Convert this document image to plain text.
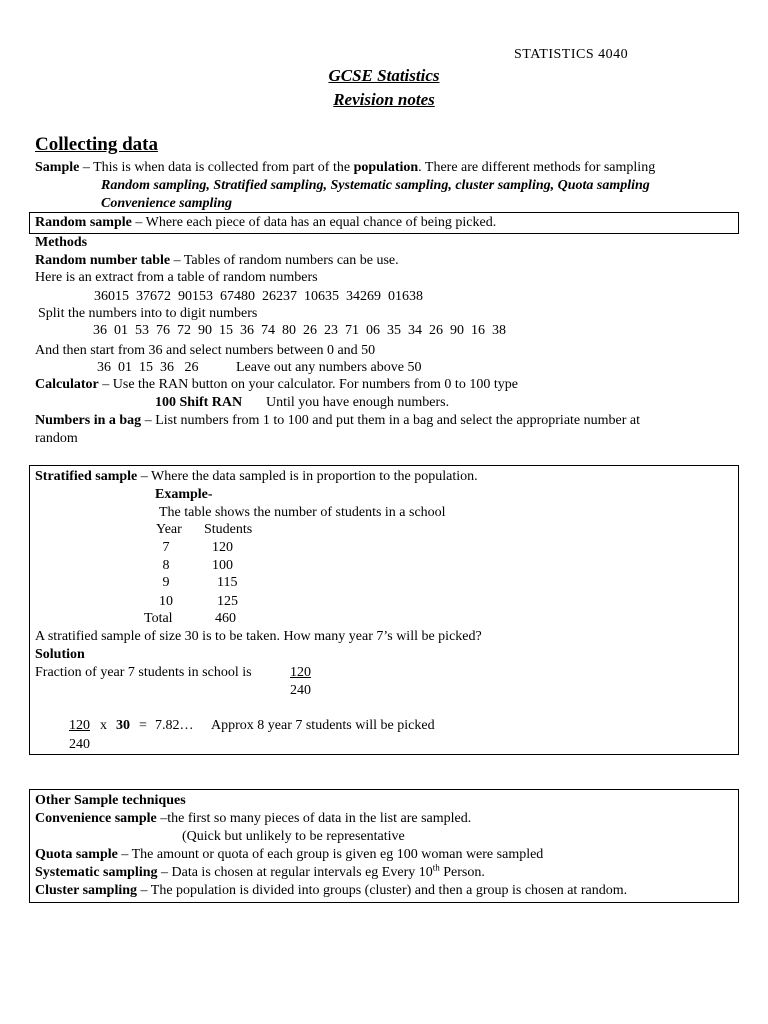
STATISTICS 4040
GCSE Statistics
Revision notes
Collecting data
Sample – This is when data is collected from part of the population. There are different methods for sampling
Random sampling, Stratified sampling, Systematic sampling, cluster sampling, Quota sampling
Convenience sampling
Random sample – Where each piece of data has an equal chance of being picked.
Methods
Random number table – Tables of random numbers can be use.
Here is an extract from a table of random numbers
36015  37672  90153  67480  26237  10635  34269  01638
Split the numbers into to digit numbers
36  01  53  76  72  90  15  36  74  80  26  23  71  06  35  34  26  90  16  38
And then start from 36 and select numbers between 0 and 50
36  01  15  36   26	Leave out any numbers above 50
Calculator – Use the RAN button on your calculator. For numbers from 0 to 100 type
100 Shift RAN Until you have enough numbers.
Numbers in a bag – List numbers from 1 to 100 and put them in a bag and select the appropriate number at
random
Stratified sample – Where the data sampled is in proportion to the population.
Example-
The table shows the number of students in a school
Year Students
7	120
8	100
9	115
10	125
Total	460
A stratified sample of size 30 is to be taken. How many year 7’s will be picked?
Solution
Fraction of year 7 students in school is	120
240
120
240
x 30 = 7.82… Approx 8 year 7 students will be picked
Other Sample techniques
Convenience sample –the first so many pieces of data in the list are sampled.
(Quick but unlikely to be representative
Quota sample – The amount or quota of each group is given eg 100 woman were sampled
Systematic sampling – Data is chosen at regular intervals eg Every 10th Person.
Cluster sampling – The population is divided into groups (cluster) and then a group is chosen at random.
